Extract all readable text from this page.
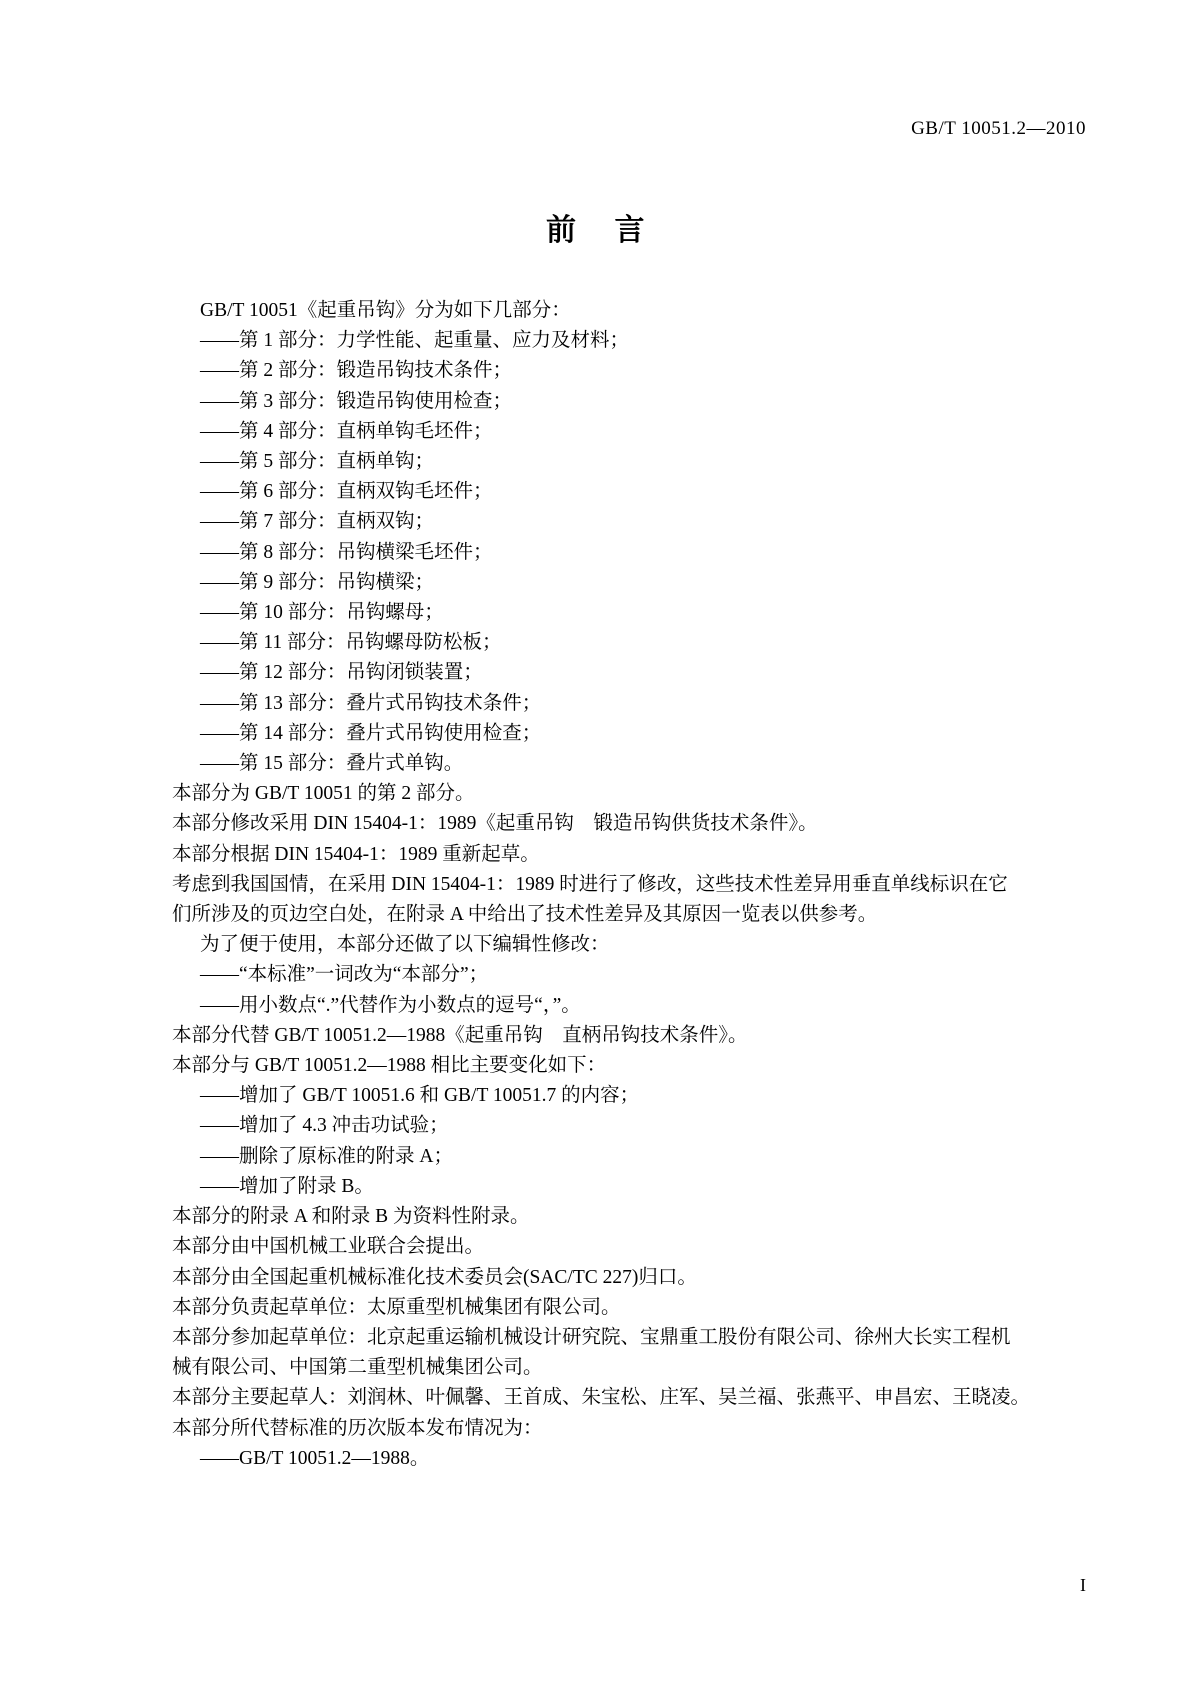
GB/T 10051.2—2010
前 言

GB/T 10051《起重吊钩》分为如下几部分：

——第 1 部分：力学性能、起重量、应力及材料；

——第 2 部分：锻造吊钩技术条件；

——第 3 部分：锻造吊钩使用检查；

——第 4 部分：直柄单钩毛坯件；

——第 5 部分：直柄单钩；

——第 6 部分：直柄双钩毛坯件；

——第 7 部分：直柄双钩；

——第 8 部分：吊钩横梁毛坯件；

——第 9 部分：吊钩横梁；

——第 10 部分：吊钩螺母；

——第 11 部分：吊钩螺母防松板；

——第 12 部分：吊钩闭锁装置；

——第 13 部分：叠片式吊钩技术条件；

——第 14 部分：叠片式吊钩使用检查；

——第 15 部分：叠片式单钩。

本部分为 GB/T 10051 的第 2 部分。

本部分修改采用 DIN 15404-1：1989《起重吊钩　锻造吊钩供货技术条件》。

本部分根据 DIN 15404-1：1989 重新起草。

考虑到我国国情，在采用 DIN 15404-1：1989 时进行了修改，这些技术性差异用垂直单线标识在它们所涉及的页边空白处，在附录 A 中给出了技术性差异及其原因一览表以供参考。

为了便于使用，本部分还做了以下编辑性修改：

——“本标准”一词改为“本部分”；

——用小数点“.”代替作为小数点的逗号“，”。

本部分代替 GB/T 10051.2—1988《起重吊钩　直柄吊钩技术条件》。

本部分与 GB/T 10051.2—1988 相比主要变化如下：

——增加了 GB/T 10051.6 和 GB/T 10051.7 的内容；

——增加了 4.3 冲击功试验；

——删除了原标准的附录 A；

——增加了附录 B。

本部分的附录 A 和附录 B 为资料性附录。

本部分由中国机械工业联合会提出。

本部分由全国起重机械标准化技术委员会(SAC/TC 227)归口。

本部分负责起草单位：太原重型机械集团有限公司。

本部分参加起草单位：北京起重运输机械设计研究院、宝鼎重工股份有限公司、徐州大长实工程机械有限公司、中国第二重型机械集团公司。

本部分主要起草人：刘润林、叶佩馨、王首成、朱宝松、庄军、吴兰福、张燕平、申昌宏、王晓凌。

本部分所代替标准的历次版本发布情况为：

——GB/T 10051.2—1988。

I
